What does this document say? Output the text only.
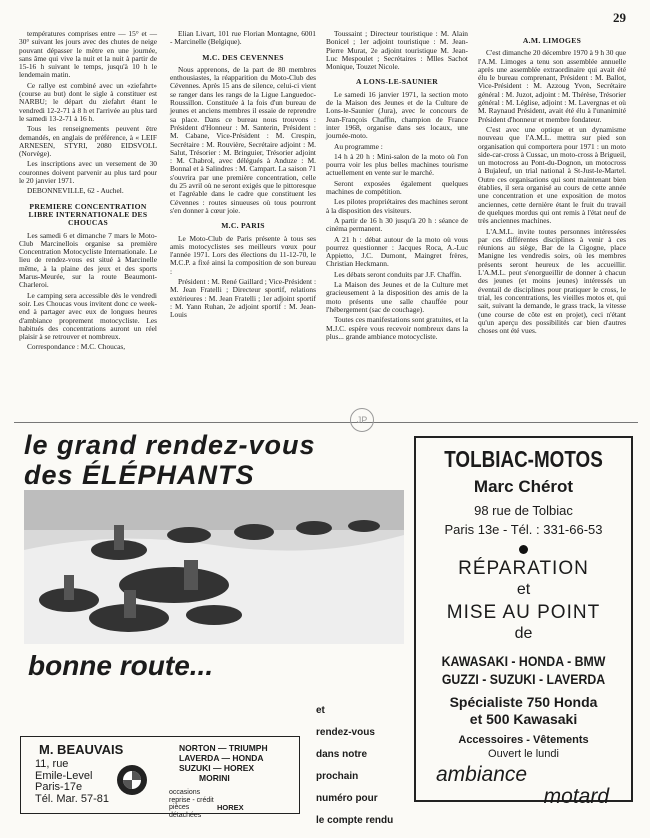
29

températures comprises entre — 15° et — 30° suivant les jours avec des chutes de neige pouvant dépasser le mètre en une journée, sans âme qui vive la nuit et la nuit à partir de 15-16 h suivant le temps, jusqu'à 10 h le lendemain matin.

Ce rallye est combiné avec un «ziefahrt» (course au but) dont le sigle à constituer est NARBU; le départ du ziefahrt étant le vendredi 12-2-71 à 8 h et l'arrivée au plus tard le samedi 13-2-71 à 16 h.

Tous les renseignements peuvent être demandés, en anglais de préférence, à « LEIF ARNESEN, STYRI, 2080 EIDSVOLL (Norvège).

Les inscriptions avec un versement de 30 couronnes doivent parvenir au plus tard pour le 20 janvier 1971.

DEBONNEVILLE, 62 - Auchel.

PREMIERE CONCENTRATION LIBRE INTERNATIONALE DES CHOUCAS

Les samedi 6 et dimanche 7 mars le Moto-Club Marcinellois organise sa première Concentration Motocycliste Internationale. Le lieu de rendez-vous est situé à Marcinelle même, à la plaine des jeux et des sports Marus-Meurée, sur la route Beaumont-Charleroi.

Le camping sera accessible dès le vendredi soir. Les Choucas vous invitent donc ce week-end à partager avec eux de longues heures d'ambiance proprement motocycliste. Les habitués des concentrations auront un réel plaisir à se retrouver et nombreux.

Correspondance : M.C. Choucas,

Elian Livart, 101 rue Florian Montagne, 6001 - Marcinelle (Belgique).

M.C. DES CEVENNES

Nous apprenons, de la part de 80 membres enthousiastes, la réapparition du Moto-Club des Cévennes. Après 15 ans de silence, celui-ci vient se ranger dans les rangs de la Ligue Languedoc-Roussillon. Constituée à la fois d'un bureau de jeunes et anciens membres il essaie de reprendre sa place. Dans ce bureau nous trouvons : Président d'Honneur : M. Santerin, Président : M. Cabane, Vice-Président : M. Crespin, Secrétaire : M. Rouvière, Secrétaire adjoint : M. Salut, Trésorier : M. Bringuier, Trésorier adjoint : M. Chabrol, avec délégués à Anduze : M. Bonnal et à Salindres : M. Campart. La saison 71 s'ouvrira par une première concentration, celle du 25 avril où ne seront exigés que le pittoresque et l'agréable dans le cadre que constituent les Cévennes : routes sinueuses où tous pourront s'en donner à cœur joie.

M.C. PARIS

Le Moto-Club de Paris présente à tous ses amis motocyclistes ses meilleurs vœux pour l'année 1971. Lors des élections du 11-12-70, le M.C.P. a fixé ainsi la composition de son bureau :

Président : M. René Gaillard ; Vice-Président : M. Jean Fratelli ; Directeur sportif, relations extérieures : M. Jean Fratelli ; 1er adjoint sportif : M. Yann Ruhan, 2e adjoint sportif : M. Jean-Louis

Toussaint ; Directeur touristique : M. Alain Bonicel ; 1er adjoint touristique : M. Jean-Pierre Murat, 2e adjoint touristique M. Jean-Luc Mespoulet ; Secrétaires : Mlles Sachot Monique, Touzet Nicole.

A LONS-LE-SAUNIER

Le samedi 16 janvier 1971, la section moto de la Maison des Jeunes et de la Culture de Lons-le-Saunier (Jura), avec le concours de Jean-François Chaffin, champion de France inter 1968, organise dans ses locaux, une journée-moto.

Au programme :

14 h à 20 h : Mini-salon de la moto où l'on pourra voir les plus belles machines tourisme actuellement en vente sur le marché.

Seront exposées également quelques machines de compétition.

Les pilotes propriétaires des machines seront à la disposition des visiteurs.

A partir de 16 h 30 jusqu'à 20 h : séance de cinéma permanent.

A 21 h : débat autour de la moto où vous pourrez questionner : Jacques Roca, A.-Luc Appietto, J.C. Dumont, Maingret frères, Christian Heckmann.

Les débats seront conduits par J.F. Chaffin.

La Maison des Jeunes et de la Culture met gracieusement à la disposition des amis de la moto présents une salle chauffée pour l'hébergement (sac de couchage).

Toutes ces manifestations sont gratuites, et la M.J.C. espère vous recevoir nombreux dans la plus... grande ambiance motocycliste.

A.M. LIMOGES

C'est dimanche 20 décembre 1970 à 9 h 30 que l'A.M. Limoges a tenu son assemblée annuelle après une assemblée extraordinaire qui avait été élu le bureau comprenant, Président : M. Ballot, Vice-Président : M. Azzoug Yvon, Secrétaire général : M. Juzot, adjoint : M. Thérèse, Trésorier général : M. Léglise, adjoint : M. Lavergnas et où M. Raynaud Président, avait été élu à l'unanimité Président d'honneur et membre fondateur.

C'est avec une optique et un dynamisme nouveau que l'A.M.L. mettra sur pied son organisation qui comportera pour 1971 : un moto side-car-cross à Cussac, un moto-cross à Brigueil, un motocross au Pont-du-Dognon, un motocross à Bujaleuf, un trial national à St-Just-le-Martel. Outre ces organisations qui sont maintenant bien établies, il sera organisé au cours de cette année une concentration et une exposition de motos anciennes, cette dernière étant le fruit du travail de quelques mordus qui ont remis à l'état neuf de très anciennes machines.

L'A.M.L. invite toutes personnes intéressées par ces différentes disciplines à venir à ces réunions au siège, Bar de la Cigogne, place Manigne les vendredis soirs, où les membres présents seront heureux de les accueillir. L'A.M.L. peut s'enorgueillir de donner à chacun des jeunes (et moins jeunes) intéressés un éventail de disciplines pour pratiquer le cross, le trial, les concentrations, les vieilles motos et, qui sait, suivant la demande, le grass track, la vitesse (une course de côte est en projet), ceci n'étant qu'un aperçu des possibilités car bien d'autres choses ont été vues.

JP
le grand rendez-vous
des ÉLÉPHANTS
bonne route...
et
rendez-vous
dans notre
prochain
numéro pour
le compte rendu
M. BEAUVAIS
11, rue
Emile-Level
Paris-17e
Tél. Mar. 57-81
NORTON — TRIUMPH
LAVERDA — HONDA
SUZUKI — HOREX
MORINI
occasions
reprise - crédit
pièces
détachées
HOREX
TOLBIAC-MOTOS
Marc Chérot
98 rue de Tolbiac
Paris 13e - Tél. : 331-66-53
RÉPARATION
et
MISE AU POINT
de
KAWASAKI - HONDA - BMW
GUZZI - SUZUKI - LAVERDA
Spécialiste 750 Honda
et 500 Kawasaki
Accessoires - Vêtements
Ouvert le lundi
ambiance
motard
